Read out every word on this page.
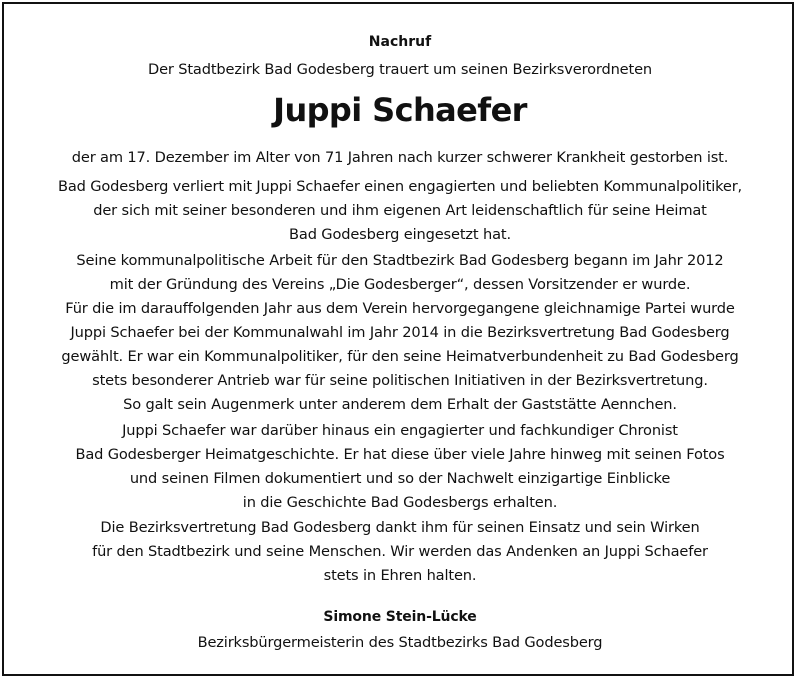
Nachruf
Der Stadtbezirk Bad Godesberg trauert um seinen Bezirksverordneten
Juppi Schaefer
der am 17. Dezember im Alter von 71 Jahren nach kurzer schwerer Krankheit gestorben ist.
Bad Godesberg verliert mit Juppi Schaefer einen engagierten und beliebten Kommunalpolitiker,
der sich mit seiner besonderen und ihm eigenen Art leidenschaftlich für seine Heimat
Bad Godesberg eingesetzt hat.
Seine kommunalpolitische Arbeit für den Stadtbezirk Bad Godesberg begann im Jahr 2012
mit der Gründung des Vereins „Die Godesberger“, dessen Vorsitzender er wurde.
Für die im darauffolgenden Jahr aus dem Verein hervorgegangene gleichnamige Partei wurde
Juppi Schaefer bei der Kommunalwahl im Jahr 2014 in die Bezirksvertretung Bad Godesberg
gewählt. Er war ein Kommunalpolitiker, für den seine Heimatverbundenheit zu Bad Godesberg
stets besonderer Antrieb war für seine politischen Initiativen in der Bezirksvertretung.
So galt sein Augenmerk unter anderem dem Erhalt der Gaststätte Aennchen.
Juppi Schaefer war darüber hinaus ein engagierter und fachkundiger Chronist
Bad Godesberger Heimatgeschichte. Er hat diese über viele Jahre hinweg mit seinen Fotos
und seinen Filmen dokumentiert und so der Nachwelt einzigartige Einblicke
in die Geschichte Bad Godesbergs erhalten.
Die Bezirksvertretung Bad Godesberg dankt ihm für seinen Einsatz und sein Wirken
für den Stadtbezirk und seine Menschen. Wir werden das Andenken an Juppi Schaefer
stets in Ehren halten.
Simone Stein-Lücke
Bezirksbürgermeisterin des Stadtbezirks Bad Godesberg
